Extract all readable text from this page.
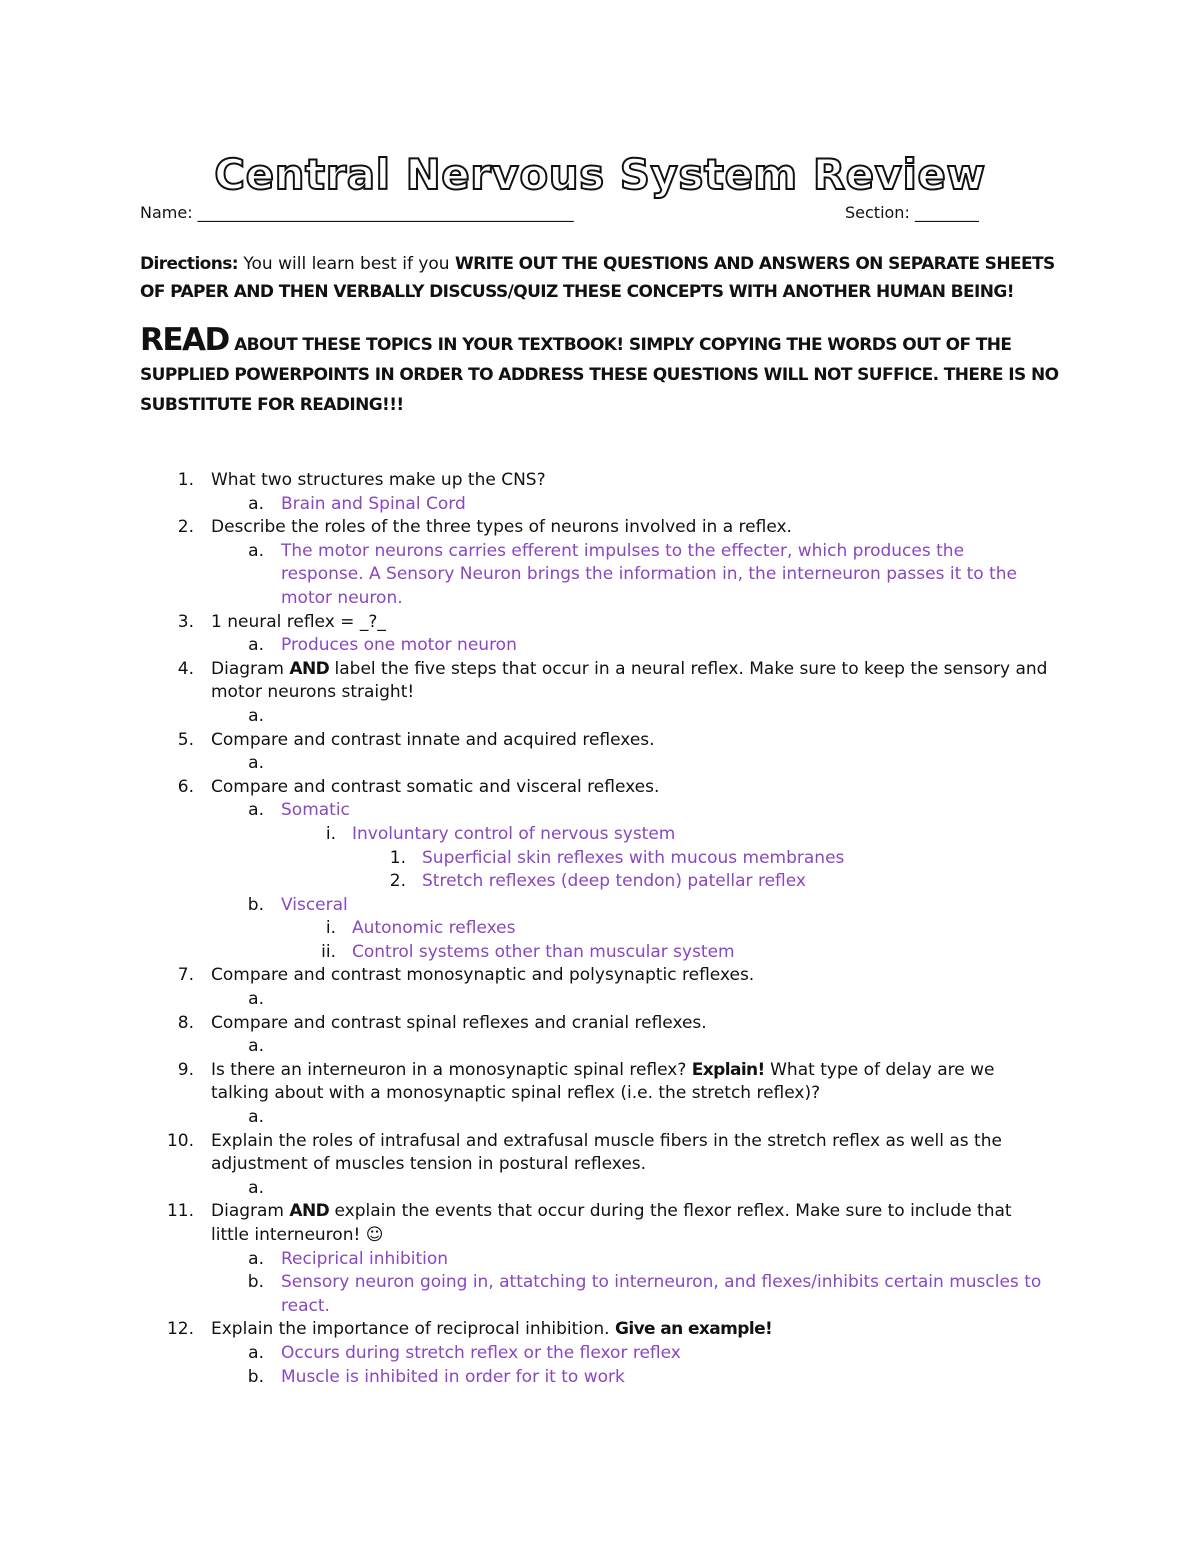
Central Nervous System Review
Name: _______________________________________________	Section: ________
Directions: You will learn best if you WRITE OUT THE QUESTIONS AND ANSWERS ON SEPARATE SHEETS OF PAPER AND THEN VERBALLY DISCUSS/QUIZ THESE CONCEPTS WITH ANOTHER HUMAN BEING!
READ ABOUT THESE TOPICS IN YOUR TEXTBOOK! SIMPLY COPYING THE WORDS OUT OF THE SUPPLIED POWERPOINTS IN ORDER TO ADDRESS THESE QUESTIONS WILL NOT SUFFICE. THERE IS NO SUBSTITUTE FOR READING!!!
1. What two structures make up the CNS?
a. Brain and Spinal Cord
2. Describe the roles of the three types of neurons involved in a reflex.
a. The motor neurons carries efferent impulses to the effecter, which produces the
response. A Sensory Neuron brings the information in, the interneuron passes it to the
motor neuron.
3. 1 neural reflex = _?_
a. Produces one motor neuron
4. Diagram AND label the five steps that occur in a neural reflex. Make sure to keep the sensory and
motor neurons straight!
a.
5. Compare and contrast innate and acquired reflexes.
a.
6. Compare and contrast somatic and visceral reflexes.
a. Somatic
i. Involuntary control of nervous system
1. Superficial skin reflexes with mucous membranes
2. Stretch reflexes (deep tendon) patellar reflex
b. Visceral
i. Autonomic reflexes
ii. Control systems other than muscular system
7. Compare and contrast monosynaptic and polysynaptic reflexes.
a.
8. Compare and contrast spinal reflexes and cranial reflexes.
a.
9. Is there an interneuron in a monosynaptic spinal reflex? Explain! What type of delay are we
talking about with a monosynaptic spinal reflex (i.e. the stretch reflex)?
a.
10. Explain the roles of intrafusal and extrafusal muscle fibers in the stretch reflex as well as the
adjustment of muscles tension in postural reflexes.
a.
11. Diagram AND explain the events that occur during the flexor reflex. Make sure to include that
little interneuron! ☺
a. Reciprical inhibition
b. Sensory neuron going in, attatching to interneuron, and flexes/inhibits certain muscles to
react.
12. Explain the importance of reciprocal inhibition. Give an example!
a. Occurs during stretch reflex or the flexor reflex
b. Muscle is inhibited in order for it to work
